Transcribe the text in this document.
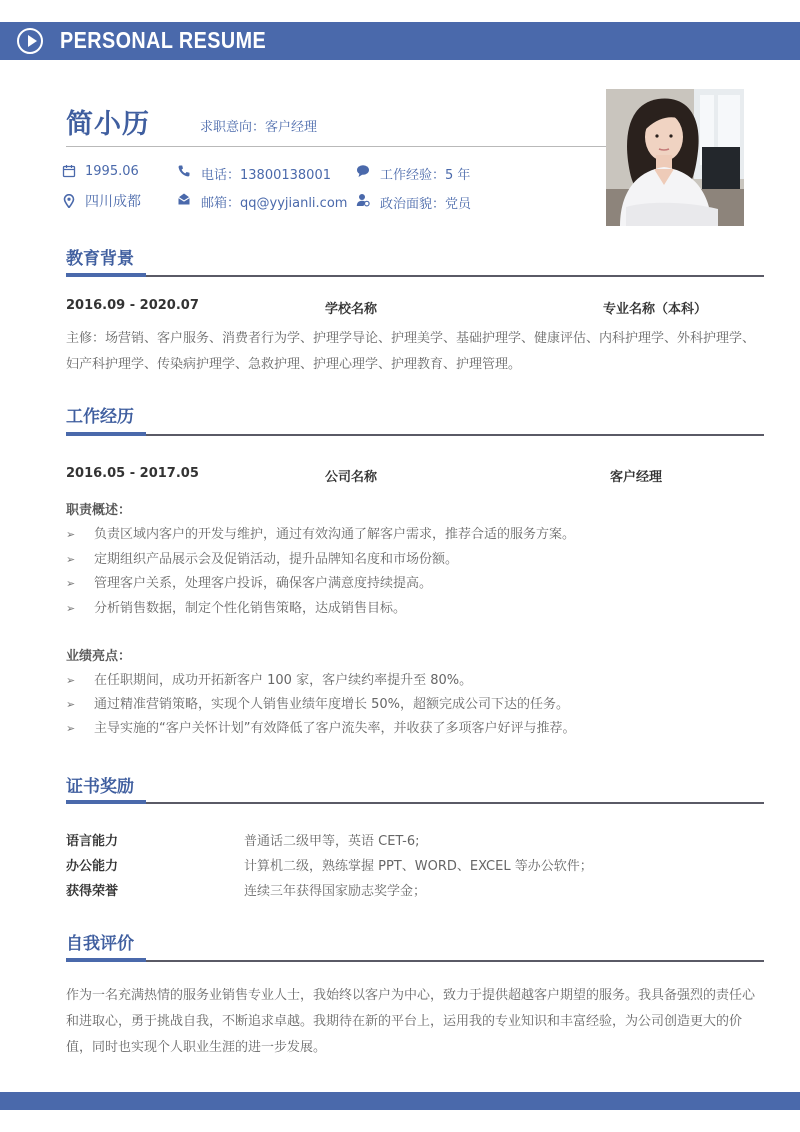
PERSONAL RESUME
简小历	求职意向：客户经理
1995.06	电话：13800138001	工作经验：5 年
四川成都	邮箱：qq@yyjianli.com	政治面貌：党员
教育背景
2016.09 - 2020.07	学校名称	专业名称（本科）
主修：场营销、客户服务、消费者行为学、护理学导论、护理美学、基础护理学、健康评估、内科护理学、外科护理学、妇产科护理学、传染病护理学、急救护理、护理心理学、护理教育、护理管理。
工作经历
2016.05 - 2017.05	公司名称	客户经理
职责概述：
➢ 负责区域内客户的开发与维护，通过有效沟通了解客户需求，推荐合适的服务方案。
➢ 定期组织产品展示会及促销活动，提升品牌知名度和市场份额。
➢ 管理客户关系，处理客户投诉，确保客户满意度持续提高。
➢ 分析销售数据，制定个性化销售策略，达成销售目标。
业绩亮点：
➢ 在任职期间，成功开拓新客户 100 家，客户续约率提升至 80%。
➢ 通过精准营销策略，实现个人销售业绩年度增长 50%，超额完成公司下达的任务。
➢ 主导实施的“客户关怀计划”有效降低了客户流失率，并收获了多项客户好评与推荐。
证书奖励
语言能力	普通话二级甲等，英语 CET-6;
办公能力	计算机二级，熟练掌握 PPT、WORD、EXCEL 等办公软件；
获得荣誉	连续三年获得国家励志奖学金；
自我评价
作为一名充满热情的服务业销售专业人士，我始终以客户为中心，致力于提供超越客户期望的服务。我具备强烈的责任心和进取心，勇于挑战自我，不断追求卓越。我期待在新的平台上，运用我的专业知识和丰富经验，为公司创造更大的价值，同时也实现个人职业生涯的进一步发展。
